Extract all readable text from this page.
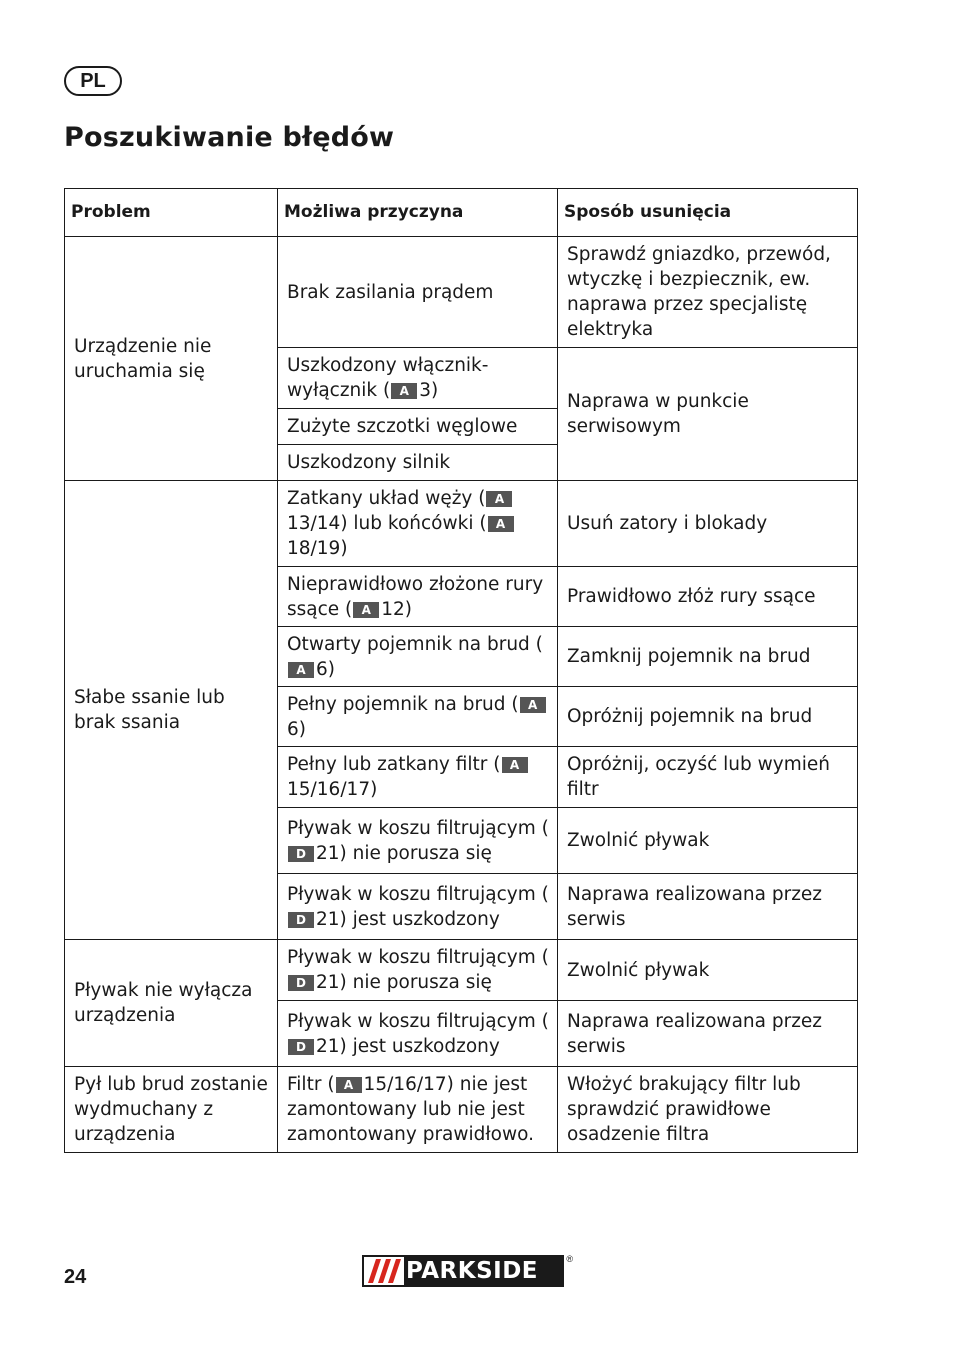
PL
Poszukiwanie błędów
Problem	Możliwa przyczyna	Sposób usunięcia
Urządzenie nie uruchamia się	Brak zasilania prądem	Sprawdź gniazdko, przewód, wtyczkę i bezpiecznik, ew. naprawa przez specjalistę elektryka
	Uszkodzony włącznik-wyłącznik ( A 3)	Naprawa w punkcie serwisowym
	Zużyte szczotki węglowe	
	Uszkodzony silnik	
Słabe ssanie lub brak ssania	Zatkany układ węży ( A13/14) lub końcówki ( A18/19)	Usuń zatory i blokady
	Nieprawidłowo złożone rury ssące ( A 12)	Prawidłowo złóż rury ssące
	Otwarty pojemnik na brud (A 6)	Zamknij pojemnik na brud
	Pełny pojemnik na brud ( A6)	Opróżnij pojemnik na brud
	Pełny lub zatkany filtr ( A15/16/17)	Opróżnij, oczyść lub wymień filtr
	Pływak w koszu filtrującym (D 21) nie porusza się	Zwolnić pływak
	Pływak w koszu filtrującym (D 21) jest uszkodzony	Naprawa realizowana przez serwis
Pływak nie wyłącza urządzenia	Pływak w koszu filtrującym (D 21) nie porusza się	Zwolnić pływak
	Pływak w koszu filtrującym (D 21) jest uszkodzony	Naprawa realizowana przez serwis
Pył lub brud zostanie wydmuchany z urządzenia	Filtr ( A 15/16/17) nie jest zamontowany lub nie jest zamontowany prawidłowo.	Włożyć brakujący filtr lub sprawdzić prawidłowe osadzenie filtra
24	PARKSIDE	®
